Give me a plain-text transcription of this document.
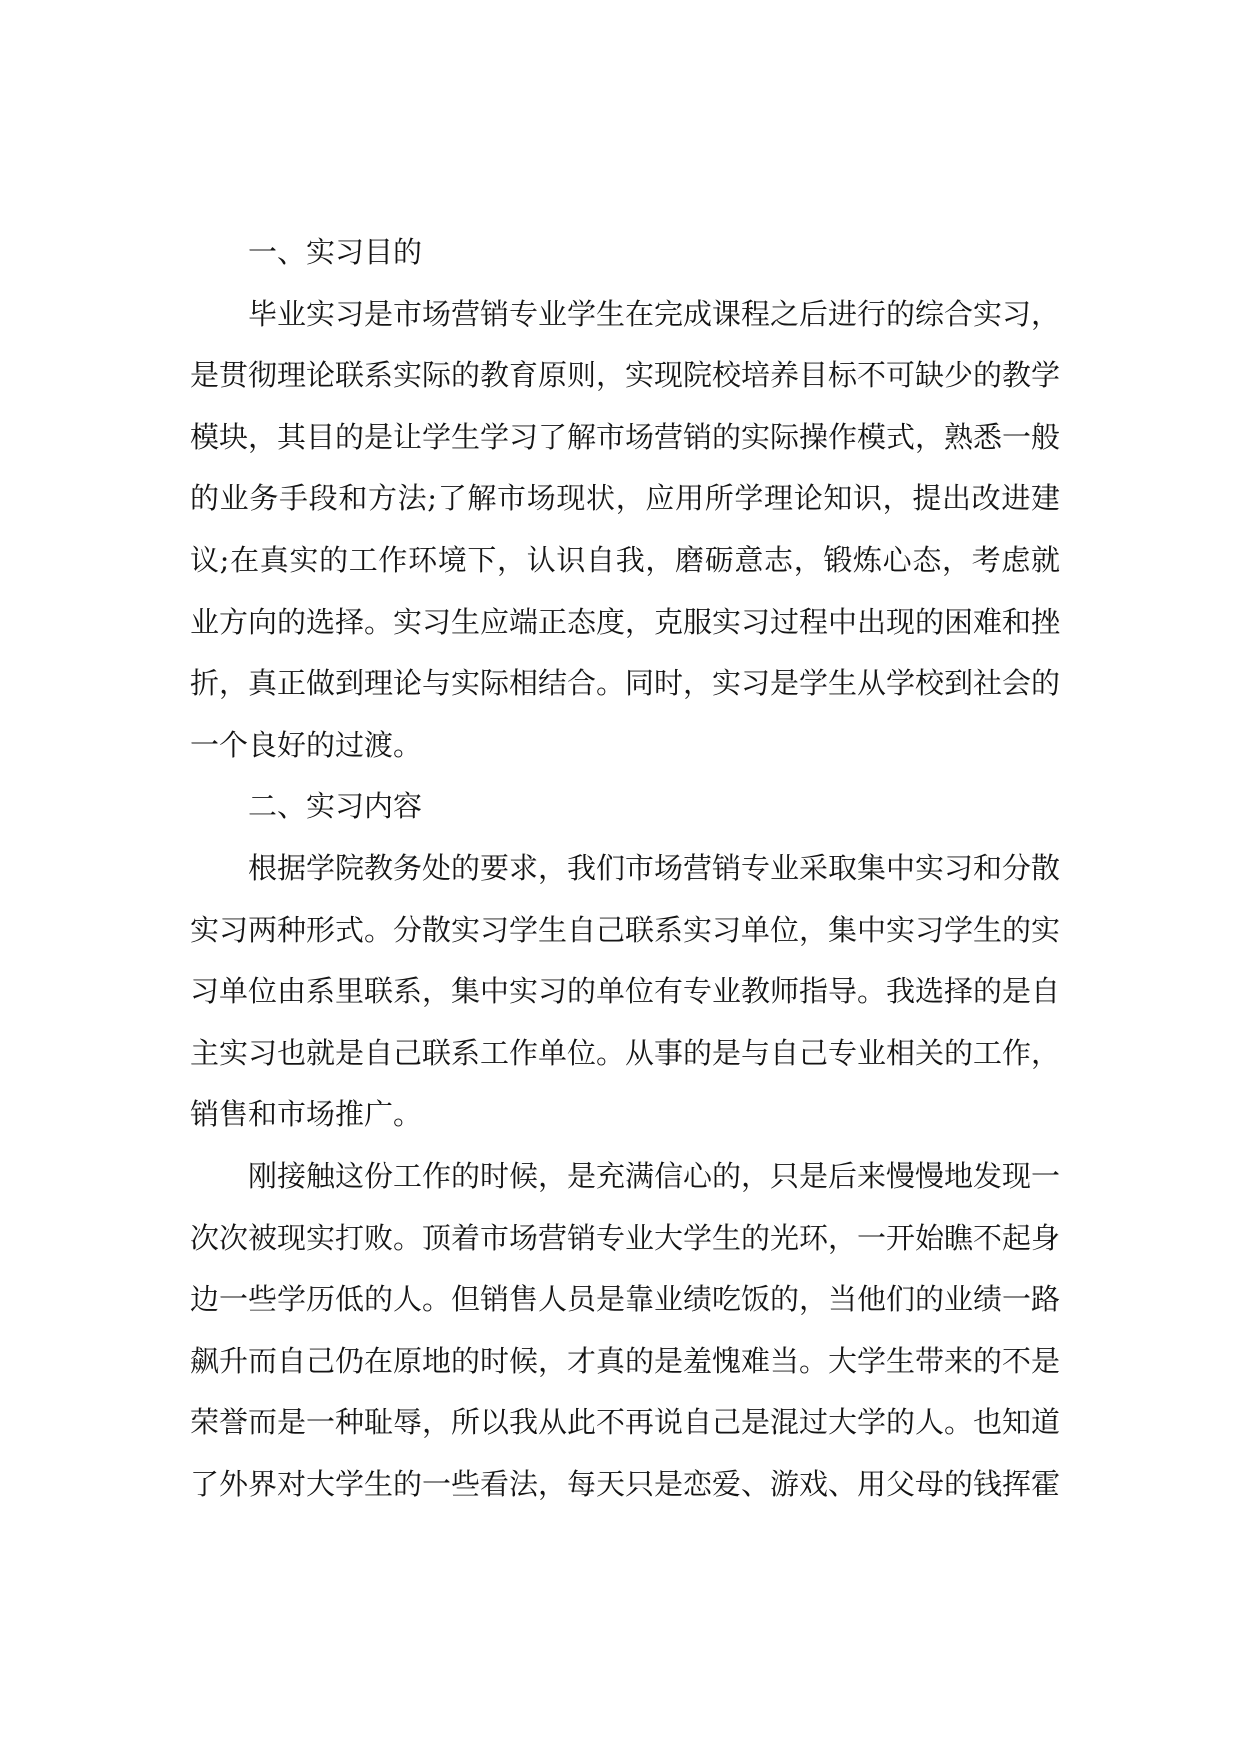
一、实习目的

毕业实习是市场营销专业学生在完成课程之后进行的综合实习，是贯彻理论联系实际的教育原则，实现院校培养目标不可缺少的教学模块，其目的是让学生学习了解市场营销的实际操作模式，熟悉一般的业务手段和方法;了解市场现状，应用所学理论知识，提出改进建议;在真实的工作环境下，认识自我，磨砺意志，锻炼心态，考虑就业方向的选择。实习生应端正态度，克服实习过程中出现的困难和挫折，真正做到理论与实际相结合。同时，实习是学生从学校到社会的一个良好的过渡。

二、实习内容

根据学院教务处的要求，我们市场营销专业采取集中实习和分散实习两种形式。分散实习学生自己联系实习单位，集中实习学生的实习单位由系里联系，集中实习的单位有专业教师指导。我选择的是自主实习也就是自己联系工作单位。从事的是与自己专业相关的工作，销售和市场推广。

刚接触这份工作的时候，是充满信心的，只是后来慢慢地发现一次次被现实打败。顶着市场营销专业大学生的光环，一开始瞧不起身边一些学历低的人。但销售人员是靠业绩吃饭的，当他们的业绩一路飙升而自己仍在原地的时候，才真的是羞愧难当。大学生带来的不是荣誉而是一种耻辱，所以我从此不再说自己是混过大学的人。也知道了外界对大学生的一些看法，每天只是恋爱、游戏、用父母的钱挥霍
